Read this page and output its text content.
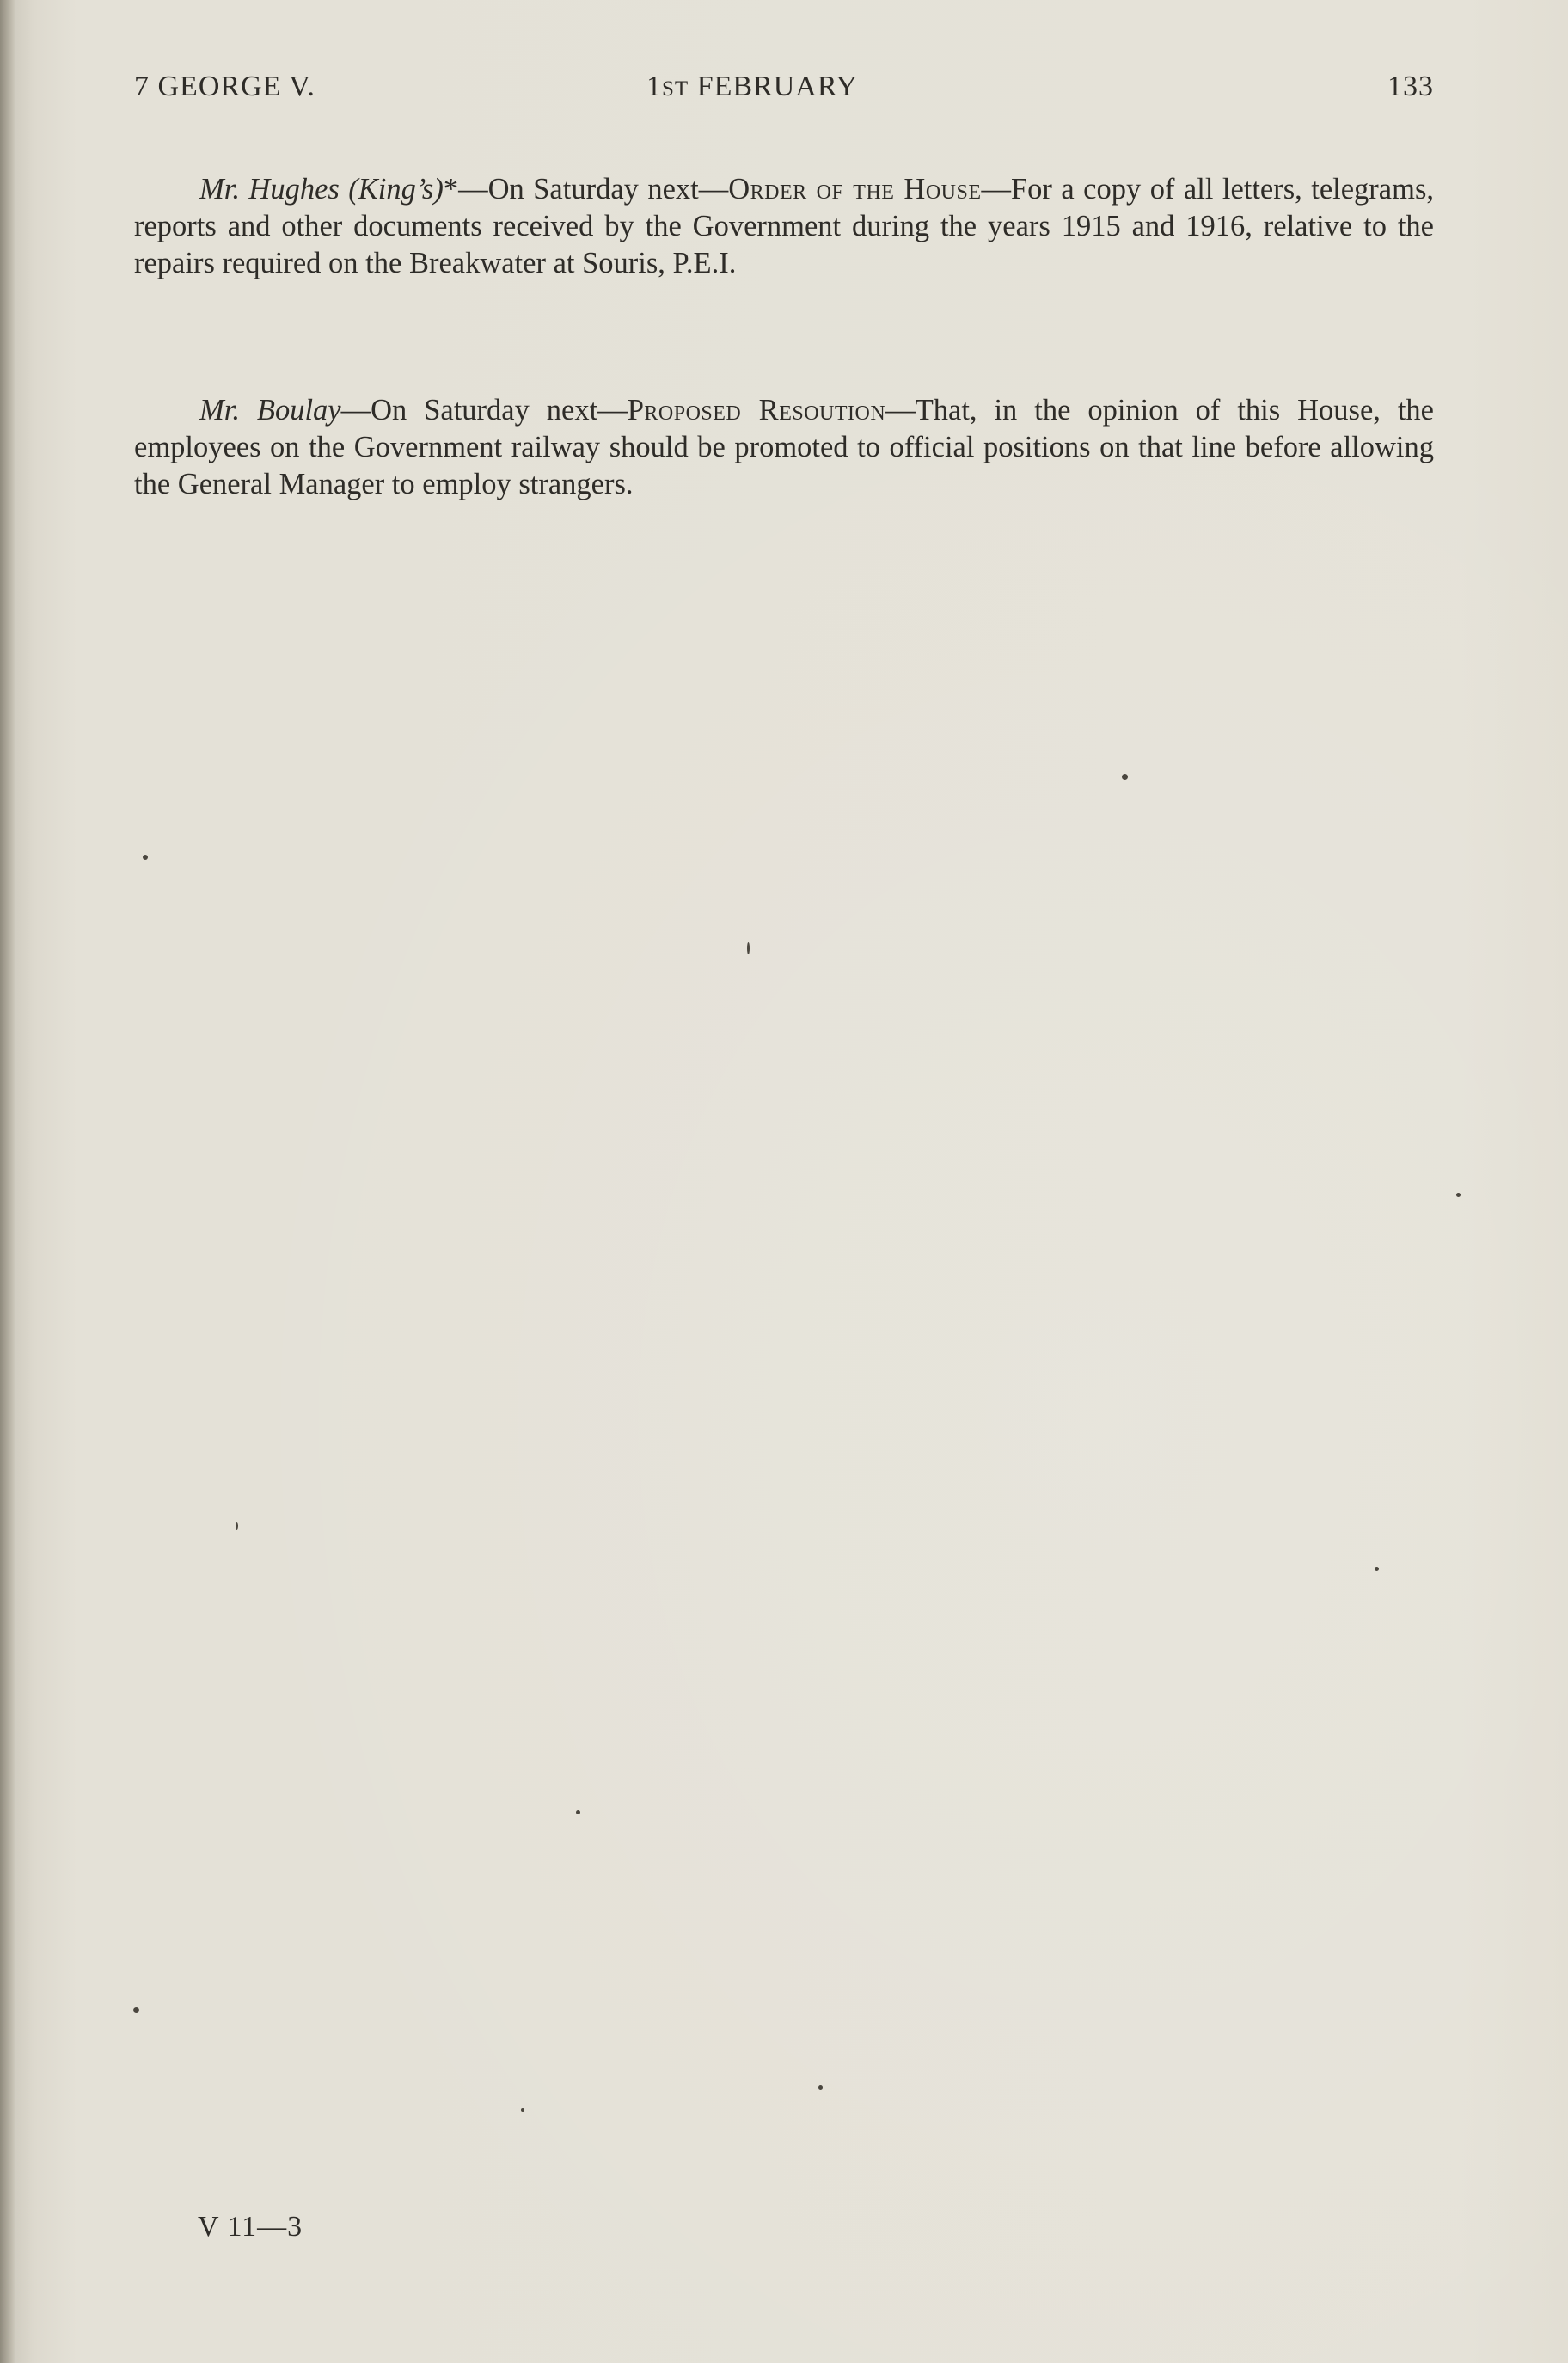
7 GEORGE V.	1ST FEBRUARY	133
Mr. Hughes (King’s)*—On Saturday next—Order of the House—For a copy of all letters, telegrams, reports and other documents received by the Government during the years 1915 and 1916, relative to the repairs required on the Breakwater at Souris, P.E.I.
Mr. Boulay—On Saturday next—Proposed Resoution—That, in the opinion of this House, the employees on the Government railway should be promoted to official positions on that line before allowing the General Manager to employ strangers.
V 11—3
